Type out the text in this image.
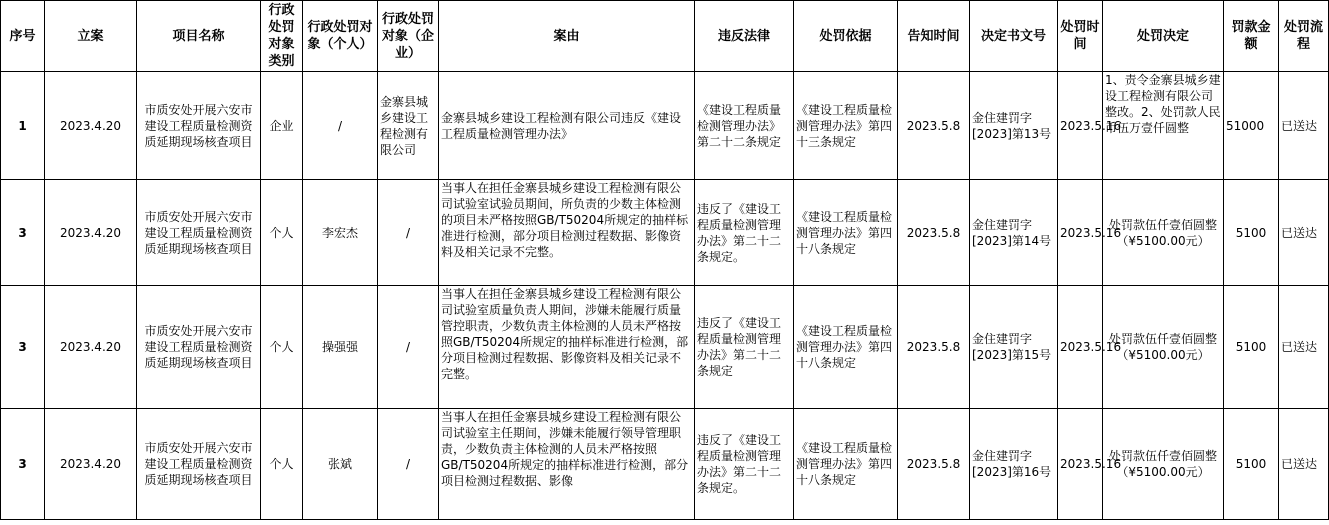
序号	立案	项目名称	行政处罚对象类别	行政处罚对象（个人）	行政处罚对象（企业）	案由	违反法律	处罚依据	告知时间	决定书文号	处罚时间	处罚决定	罚款金额	处罚流程
1	2023.4.20	市质安处开展六安市建设工程质量检测资质延期现场核查项目	企业	/	金寨县城乡建设工程检测有限公司	金寨县城乡建设工程检测有限公司违反《建设工程质量检测管理办法》	《建设工程质量检测管理办法》第二十二条规定	《建设工程质量检测管理办法》第四十三条规定	2023.5.8	金住建罚字[2023]第13号	2023.5.16	1、责令金寨县城乡建设工程检测有限公司整改。2、处罚款人民币伍万壹仟圆整	51000	已送达
3	2023.4.20	市质安处开展六安市建设工程质量检测资质延期现场核查项目	个人	李宏杰	/	当事人在担任金寨县城乡建设工程检测有限公司试验室试验员期间，所负责的少数主体检测的项目未严格按照GB/T50204所规定的抽样标准进行检测，部分项目检测过程数据、影像资料及相关记录不完整。	违反了《建设工程质量检测管理办法》第二十二条规定。	《建设工程质量检测管理办法》第四十八条规定	2023.5.8	金住建罚字[2023]第14号	2023.5.16	处罚款伍仟壹佰圆整（¥5100.00元）	5100	已送达
3	2023.4.20	市质安处开展六安市建设工程质量检测资质延期现场核查项目	个人	操强强	/	当事人在担任金寨县城乡建设工程检测有限公司试验室质量负责人期间，涉嫌未能履行质量管控职责，少数负责主体检测的人员未严格按照GB/T50204所规定的抽样标准进行检测，部分项目检测过程数据、影像资料及相关记录不完整。	违反了《建设工程质量检测管理办法》第二十二条规定	《建设工程质量检测管理办法》第四十八条规定	2023.5.8	金住建罚字[2023]第15号	2023.5.16	处罚款伍仟壹佰圆整（¥5100.00元）	5100	已送达
3	2023.4.20	市质安处开展六安市建设工程质量检测资质延期现场核查项目	个人	张斌	/	当事人在担任金寨县城乡建设工程检测有限公司试验室主任期间，涉嫌未能履行领导管理职责，少数负责主体检测的人员未严格按照GB/T50204所规定的抽样标准进行检测，部分项目检测过程数据、影像	违反了《建设工程质量检测管理办法》第二十二条规定。	《建设工程质量检测管理办法》第四十八条规定	2023.5.8	金住建罚字[2023]第16号	2023.5.16	处罚款伍仟壹佰圆整（¥5100.00元）	5100	已送达
